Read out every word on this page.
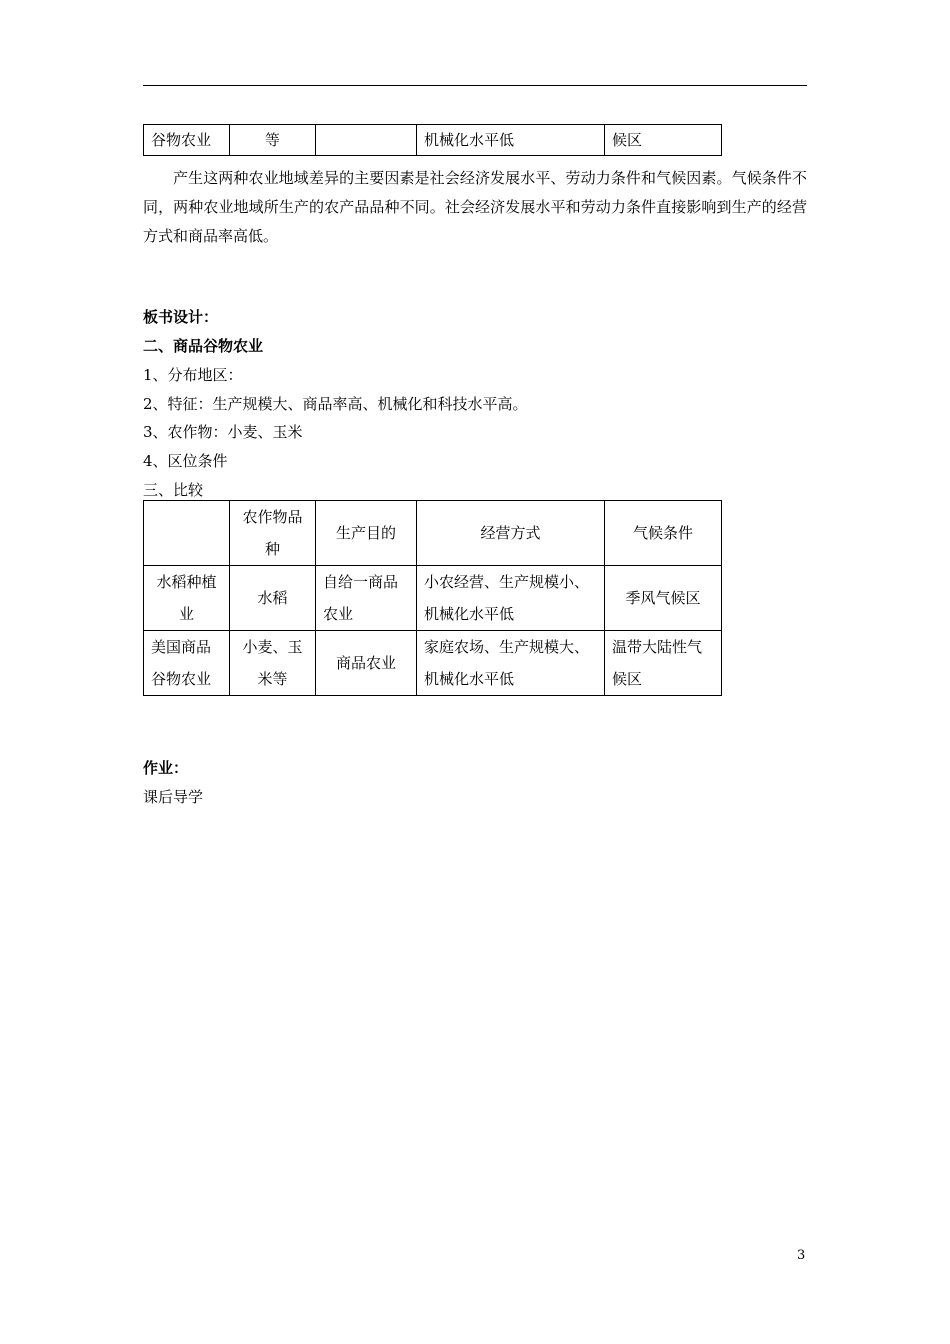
谷物农业	等		机械化水平低	候区

产生这两种农业地域差异的主要因素是社会经济发展水平、劳动力条件和气候因素。气候条件不同，两种农业地域所生产的农产品品种不同。社会经济发展水平和劳动力条件直接影响到生产的经营方式和商品率高低。

板书设计：

二、商品谷物农业

1、分布地区：

2、特征：生产规模大、商品率高、机械化和科技水平高。

3、农作物：小麦、玉米

4、区位条件

三、比较

	农作物品种	生产目的	经营方式	气候条件
水稻种植业	水稻	自给一商品农业	小农经营、生产规模小、机械化水平低	季风气候区
美国商品谷物农业	小麦、玉米等	商品农业	家庭农场、生产规模大、机械化水平低	温带大陆性气候区

作业：

课后导学

3
